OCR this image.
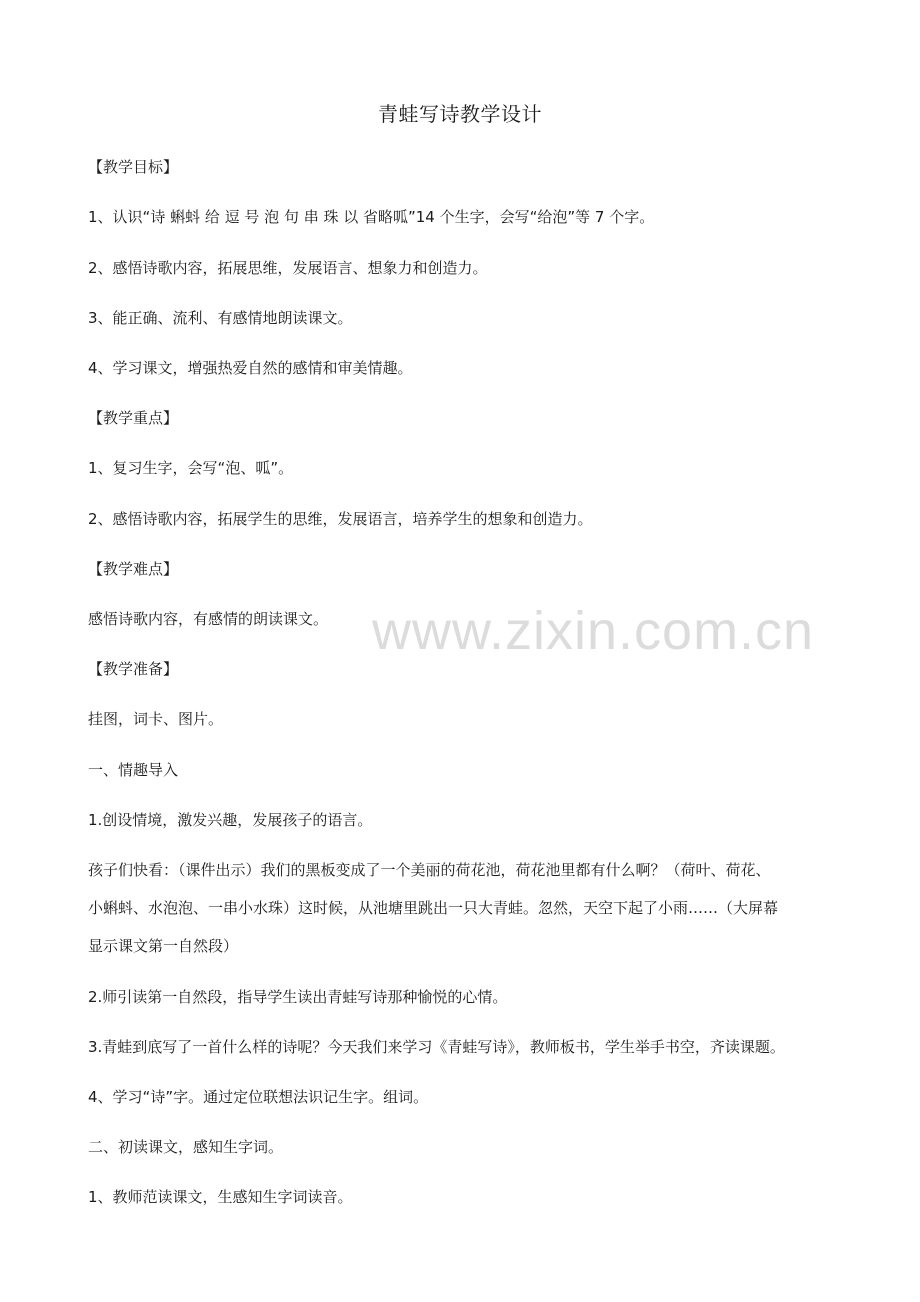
www.zixin.com.cn
青蛙写诗教学设计
【教学目标】
1、认识“诗 蝌蚪 给 逗 号 泡 句 串 珠 以 省略呱”14 个生字，会写“给泡”等 7 个字。
2、感悟诗歌内容，拓展思维，发展语言、想象力和创造力。
3、能正确、流利、有感情地朗读课文。
4、学习课文，增强热爱自然的感情和审美情趣。
【教学重点】
1、复习生字，会写“泡、呱”。
2、感悟诗歌内容，拓展学生的思维，发展语言，培养学生的想象和创造力。
【教学难点】
感悟诗歌内容，有感情的朗读课文。
【教学准备】
挂图，词卡、图片。
一、情趣导入
1.创设情境，激发兴趣，发展孩子的语言。
孩子们快看：（课件出示）我们的黑板变成了一个美丽的荷花池，荷花池里都有什么啊？（荷叶、荷花、
小蝌蚪、水泡泡、一串小水珠）这时候，从池塘里跳出一只大青蛙。忽然，天空下起了小雨……（大屏幕
显示课文第一自然段）
2.师引读第一自然段，指导学生读出青蛙写诗那种愉悦的心情。
3.青蛙到底写了一首什么样的诗呢？今天我们来学习《青蛙写诗》，教师板书，学生举手书空，齐读课题。
4、学习“诗”字。通过定位联想法识记生字。组词。
二、初读课文，感知生字词。
1、教师范读课文，生感知生字词读音。
